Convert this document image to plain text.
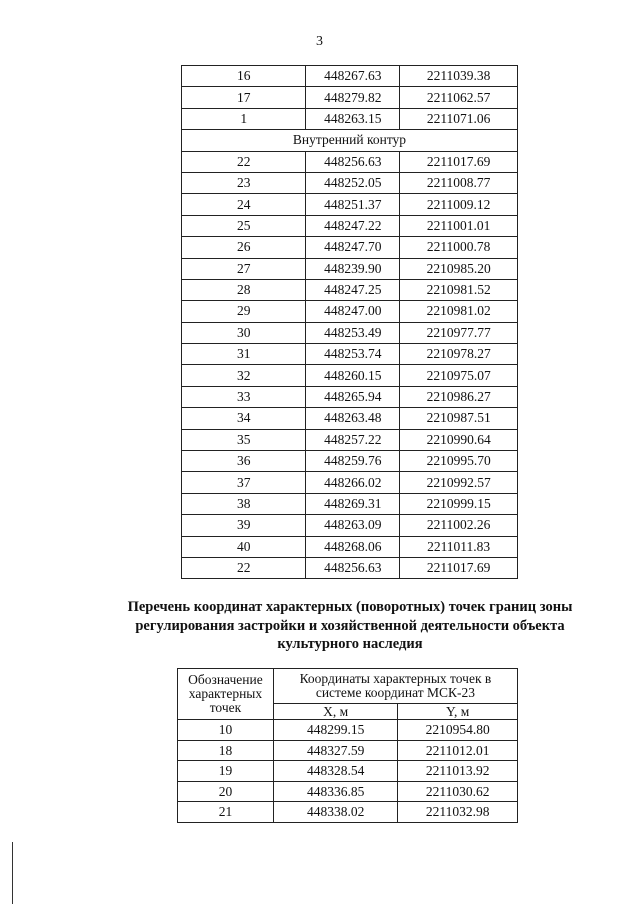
3
16	448267.63	2211039.38
17	448279.82	2211062.57
1	448263.15	2211071.06
Внутренний контур		
22	448256.63	2211017.69
23	448252.05	2211008.77
24	448251.37	2211009.12
25	448247.22	2211001.01
26	448247.70	2211000.78
27	448239.90	2210985.20
28	448247.25	2210981.52
29	448247.00	2210981.02
30	448253.49	2210977.77
31	448253.74	2210978.27
32	448260.15	2210975.07
33	448265.94	2210986.27
34	448263.48	2210987.51
35	448257.22	2210990.64
36	448259.76	2210995.70
37	448266.02	2210992.57
38	448269.31	2210999.15
39	448263.09	2211002.26
40	448268.06	2211011.83
22	448256.63	2211017.69
Перечень координат характерных (поворотных) точек границ зоны
регулирования застройки и хозяйственной деятельности объекта
культурного наследия
Обозначение
характерных
точек	Координаты характерных точек в
системе координат МСК-23	

	X, м	Y, м
10	448299.15	2210954.80
18	448327.59	2211012.01
19	448328.54	2211013.92
20	448336.85	2211030.62
21	448338.02	2211032.98
